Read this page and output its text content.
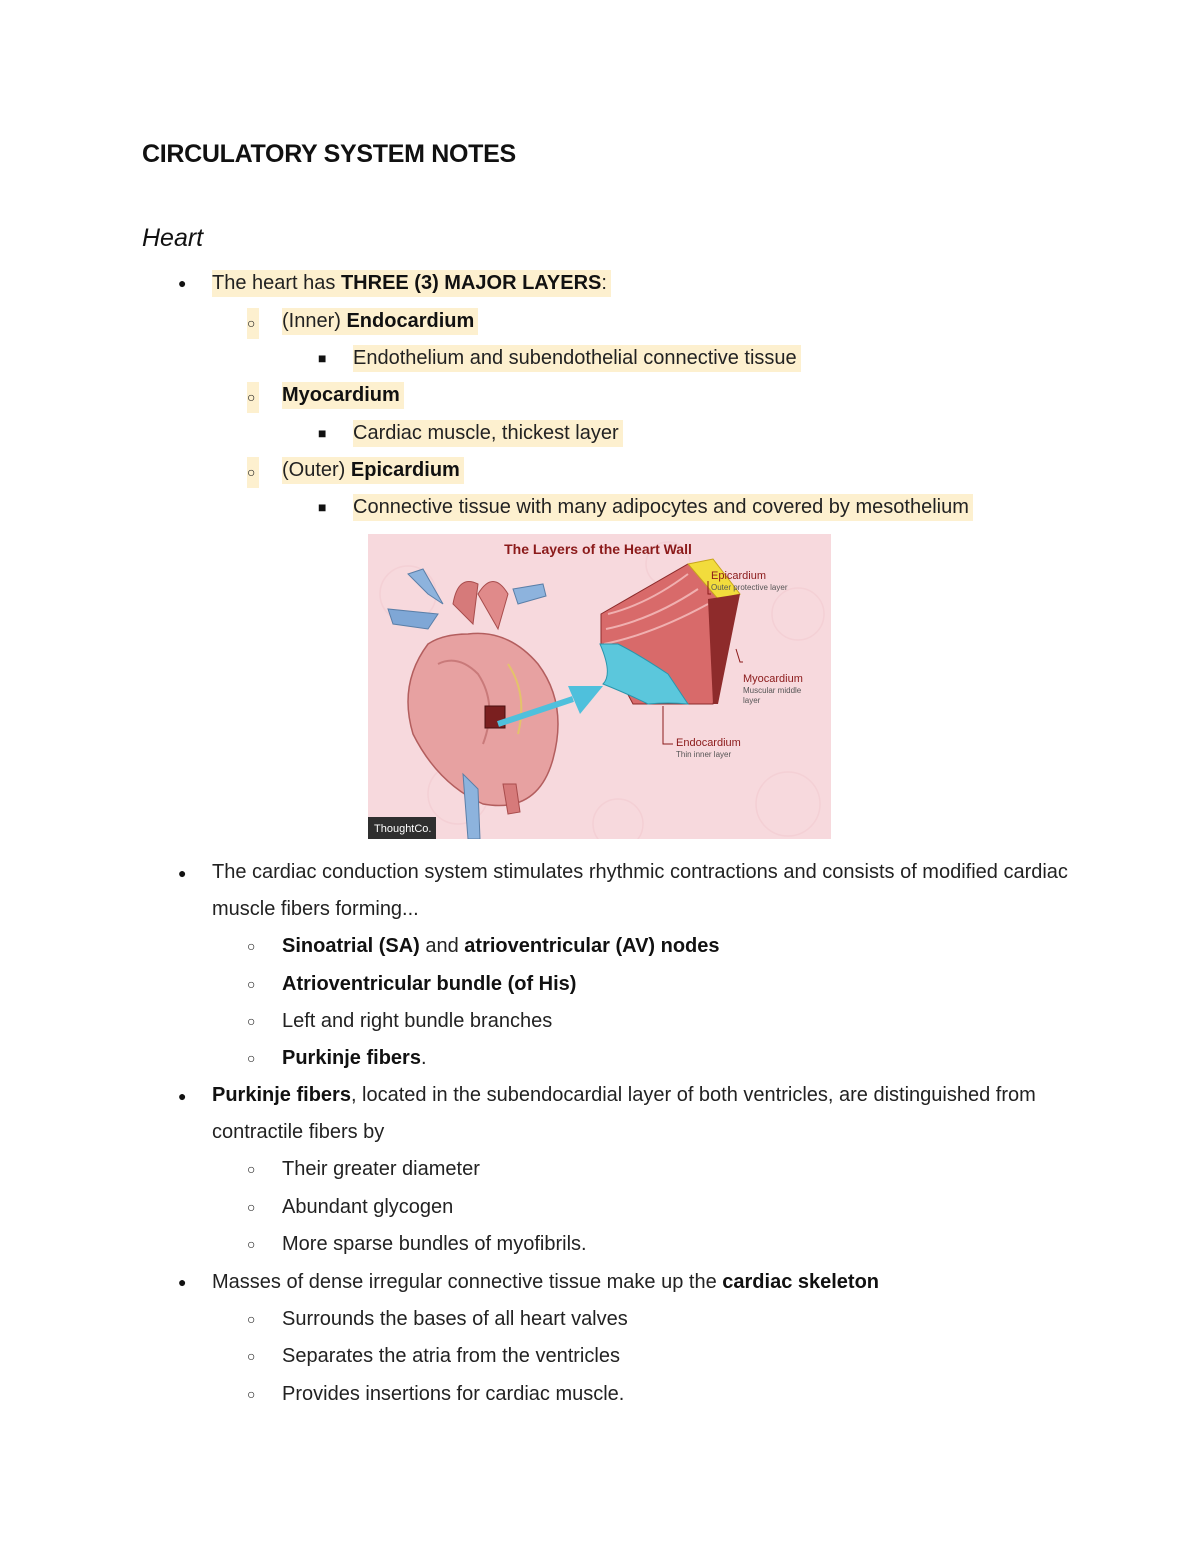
CIRCULATORY SYSTEM NOTES
Heart
● The heart has THREE (3) MAJOR LAYERS:
○ (Inner) Endocardium
■ Endothelium and subendothelial connective tissue
○ Myocardium
■ Cardiac muscle, thickest layer
○ (Outer) Epicardium
■ Connective tissue with many adipocytes and covered by mesothelium
The Layers of the Heart Wall
Epicardium
Outer protective layer
Myocardium
Muscular middle
layer
Endocardium
Thin inner layer
ThoughtCo.
● The cardiac conduction system stimulates rhythmic contractions and consists of modified cardiac muscle fibers forming...
○ Sinoatrial (SA) and atrioventricular (AV) nodes
○ Atrioventricular bundle (of His)
○ Left and right bundle branches
○ Purkinje fibers.
● Purkinje fibers, located in the subendocardial layer of both ventricles, are distinguished from contractile fibers by
○ Their greater diameter
○ Abundant glycogen
○ More sparse bundles of myofibrils.
● Masses of dense irregular connective tissue make up the cardiac skeleton
○ Surrounds the bases of all heart valves
○ Separates the atria from the ventricles
○ Provides insertions for cardiac muscle.
